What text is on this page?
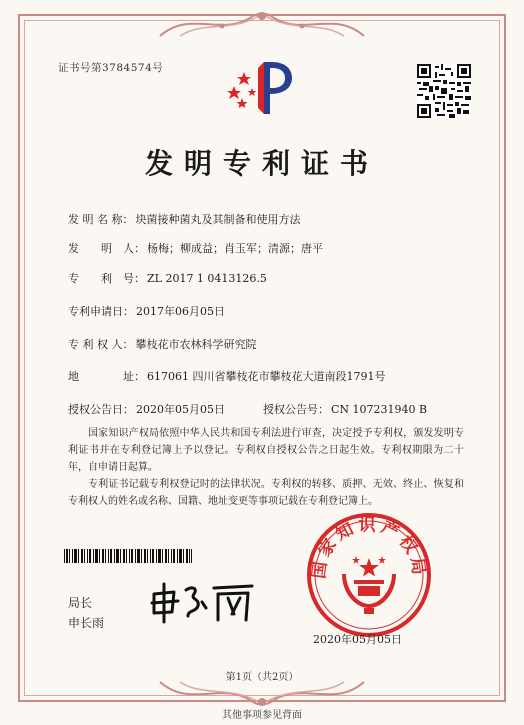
证书号第3784574号
发明专利证书
发 明 名 称： 块菌接种菌丸及其制备和使用方法
发　　明　人： 杨梅；柳成益；肖玉军；清源；唐平
专　　利　号： ZL 2017 1 0413126.5
专利申请日： 2017年06月05日
专 利 权 人： 攀枝花市农林科学研究院
地　　　　址： 617061 四川省攀枝花市攀枝花大道南段1791号
授权公告日： 2020年05月05日	授权公告号： CN 107231940 B
国家知识产权局依照中华人民共和国专利法进行审查，决定授予专利权，颁发发明专利证书并在专利登记簿上予以登记。专利权自授权公告之日起生效。专利权期限为二十年，自申请日起算。
专利证书记载专利权登记时的法律状况。专利权的转移、质押、无效、终止、恢复和专利权人的姓名或名称、国籍、地址变更等事项记载在专利登记簿上。
局长
申长雨
国家知识产权局
2020年05月05日
第1页（共2页）
其他事项参见背面
